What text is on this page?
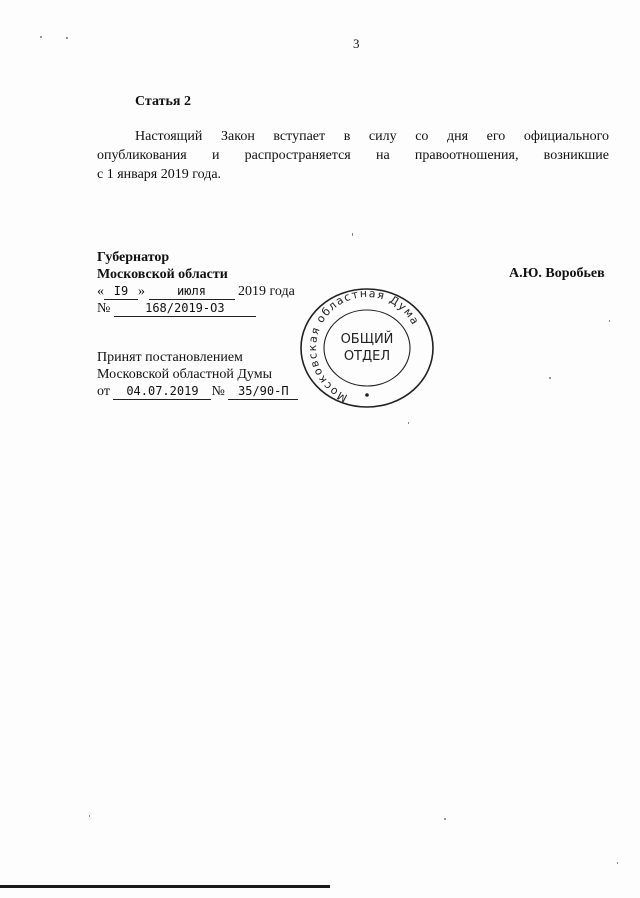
3
Статья 2

Настоящий Закон вступает в силу со дня его официального

опубликования и распространяется на правоотношения, возникшие

с 1 января 2019 года.

Губернатор
Московской области	А.Ю. Воробьев
« I9 »	июля 2019 года
№	168/2019-ОЗ
Принят постановлением
Московской областной Думы
от 04.07.2019 № 35/90-П	Московская областная Дума
ОБЩИЙ
ОТДЕЛ
